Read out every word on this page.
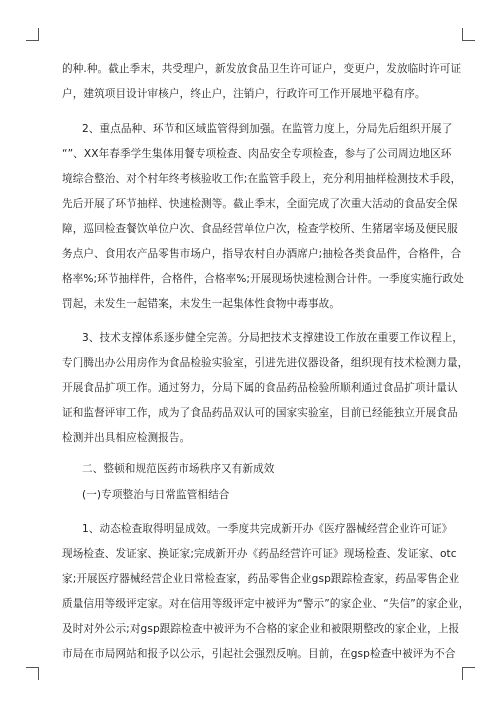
的种.种。截止季末，共受理户，新发放食品卫生许可证户，变更户，发放临时许可证
户，建筑项目设计审核户，终止户，注销户，行政许可工作开展地平稳有序。
2、重点品种、环节和区域监管得到加强。在监管力度上，分局先后组织开展了
“”、XX年春季学生集体用餐专项检查、肉品安全专项检查，参与了公司周边地区环
境综合整治、对个村年终考核验收工作;在监管手段上，充分利用抽样检测技术手段，
先后开展了环节抽样、快速检测等。截止季末，全面完成了次重大活动的食品安全保
障，巡回检查餐饮单位户次、食品经营单位户次，检查学校所、生猪屠宰场及便民服
务点户、食用农产品零售市场户，指导农村自办酒席户;抽检各类食品件，合格件，合
格率%;环节抽样件，合格件，合格率%;开展现场快速检测合计件。一季度实施行政处
罚起，未发生一起错案，未发生一起集体性食物中毒事故。
3、技术支撑体系逐步健全完善。分局把技术支撑建设工作放在重要工作议程上，
专门腾出办公用房作为食品检验实验室，引进先进仪器设备，组织现有技术检测力量，
开展食品扩项工作。通过努力，分局下属的食品药品检验所顺利通过食品扩项计量认
证和监督评审工作，成为了食品药品双认可的国家实验室，目前已经能独立开展食品
检测并出具相应检测报告。
二、整顿和规范医药市场秩序又有新成效
(一)专项整治与日常监管相结合
1、动态检查取得明显成效。一季度共完成新开办《医疗器械经营企业许可证》
现场检查、发证家、换证家;完成新开办《药品经营许可证》现场检查、发证家、otc
家;开展医疗器械经营企业日常检查家，药品零售企业gsp跟踪检查家，药品零售企业
质量信用等级评定家。对在信用等级评定中被评为“警示”的家企业、“失信”的家企业，
及时对外公示;对gsp跟踪检查中被评为不合格的家企业和被限期整改的家企业，上报
市局在市局网站和报予以公示，引起社会强烈反响。目前，在gsp检查中被评为不合
